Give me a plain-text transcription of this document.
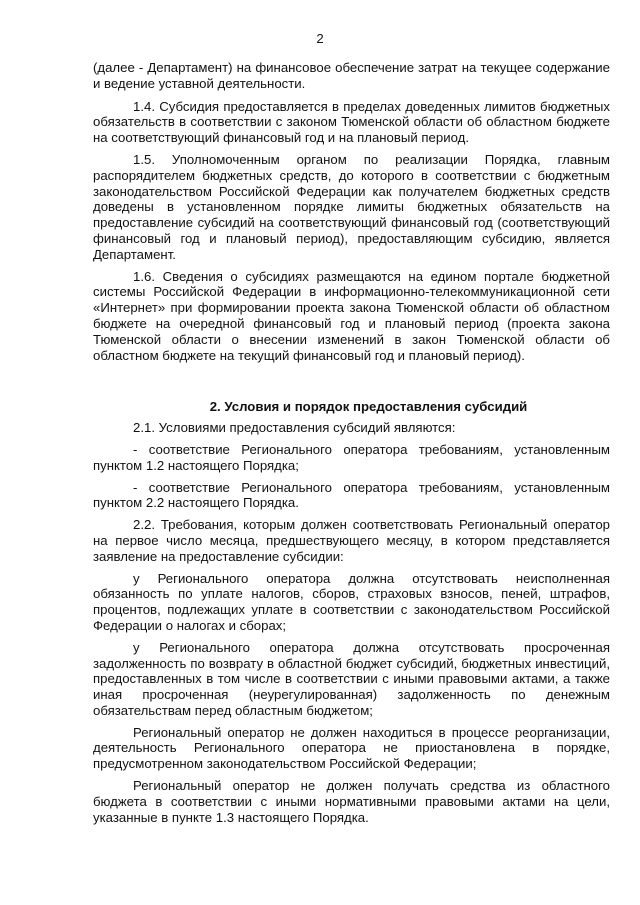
2

(далее - Департамент) на финансовое обеспечение затрат на текущее содержание и ведение уставной деятельности.

1.4. Субсидия предоставляется в пределах доведенных лимитов бюджетных обязательств в соответствии с законом Тюменской области об областном бюджете на соответствующий финансовый год и на плановый период.

1.5. Уполномоченным органом по реализации Порядка, главным распорядителем бюджетных средств, до которого в соответствии с бюджетным законодательством Российской Федерации как получателем бюджетных средств доведены в установленном порядке лимиты бюджетных обязательств на предоставление субсидий на соответствующий финансовый год (соответствующий финансовый год и плановый период), предоставляющим субсидию, является Департамент.

1.6. Сведения о субсидиях размещаются на едином портале бюджетной системы Российской Федерации в информационно-телекоммуникационной сети «Интернет» при формировании проекта закона Тюменской области об областном бюджете на очередной финансовый год и плановый период (проекта закона Тюменской области о внесении изменений в закон Тюменской области об областном бюджете на текущий финансовый год и плановый период).

2. Условия и порядок предоставления субсидий

2.1. Условиями предоставления субсидий являются:

- соответствие Регионального оператора требованиям, установленным пунктом 1.2 настоящего Порядка;

- соответствие Регионального оператора требованиям, установленным пунктом 2.2 настоящего Порядка.

2.2. Требования, которым должен соответствовать Региональный оператор на первое число месяца, предшествующего месяцу, в котором представляется заявление на предоставление субсидии:

у Регионального оператора должна отсутствовать неисполненная обязанность по уплате налогов, сборов, страховых взносов, пеней, штрафов, процентов, подлежащих уплате в соответствии с законодательством Российской Федерации о налогах и сборах;

у Регионального оператора должна отсутствовать просроченная задолженность по возврату в областной бюджет субсидий, бюджетных инвестиций, предоставленных в том числе в соответствии с иными правовыми актами, а также иная просроченная (неурегулированная) задолженность по денежным обязательствам перед областным бюджетом;

Региональный оператор не должен находиться в процессе реорганизации, деятельность Регионального оператора не приостановлена в порядке, предусмотренном законодательством Российской Федерации;

Региональный оператор не должен получать средства из областного бюджета в соответствии с иными нормативными правовыми актами на цели, указанные в пункте 1.3 настоящего Порядка.
